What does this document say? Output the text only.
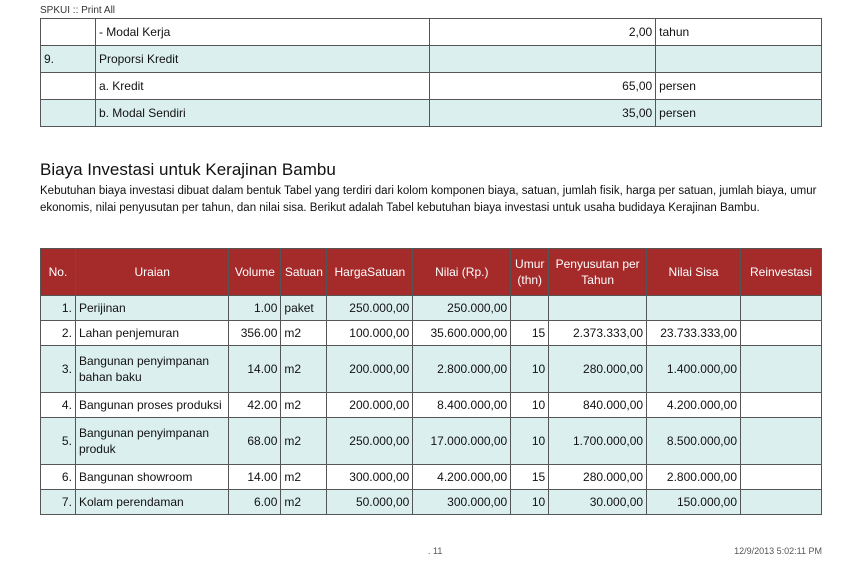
SPKUI :: Print All
	- Modal Kerja	2,00	tahun
9.	Proporsi Kredit		
	a. Kredit	65,00	persen
	b. Modal Sendiri	35,00	persen
Biaya Investasi untuk Kerajinan Bambu
Kebutuhan biaya investasi dibuat dalam bentuk Tabel yang terdiri dari kolom komponen biaya, satuan, jumlah fisik, harga per satuan, jumlah biaya, umur ekonomis, nilai penyusutan per tahun, dan nilai sisa. Berikut adalah Tabel kebutuhan biaya investasi untuk usaha budidaya Kerajinan Bambu.
No.	Uraian	Volume	Satuan	HargaSatuan	Nilai (Rp.)	Umur (thn)	Penyusutan per Tahun	Nilai Sisa	Reinvestasi
1.	Perijinan	1.00	paket	250.000,00	250.000,00				
2.	Lahan penjemuran	356.00	m2	100.000,00	35.600.000,00	15	2.373.333,00	23.733.333,00	
3.	Bangunan penyimpanan bahan baku	14.00	m2	200.000,00	2.800.000,00	10	280.000,00	1.400.000,00	
4.	Bangunan proses produksi	42.00	m2	200.000,00	8.400.000,00	10	840.000,00	4.200.000,00	
5.	Bangunan penyimpanan produk	68.00	m2	250.000,00	17.000.000,00	10	1.700.000,00	8.500.000,00	
6.	Bangunan showroom	14.00	m2	300.000,00	4.200.000,00	15	280.000,00	2.800.000,00	
7.	Kolam perendaman	6.00	m2	50.000,00	300.000,00	10	30.000,00	150.000,00	
. 11	12/9/2013 5:02:11 PM
